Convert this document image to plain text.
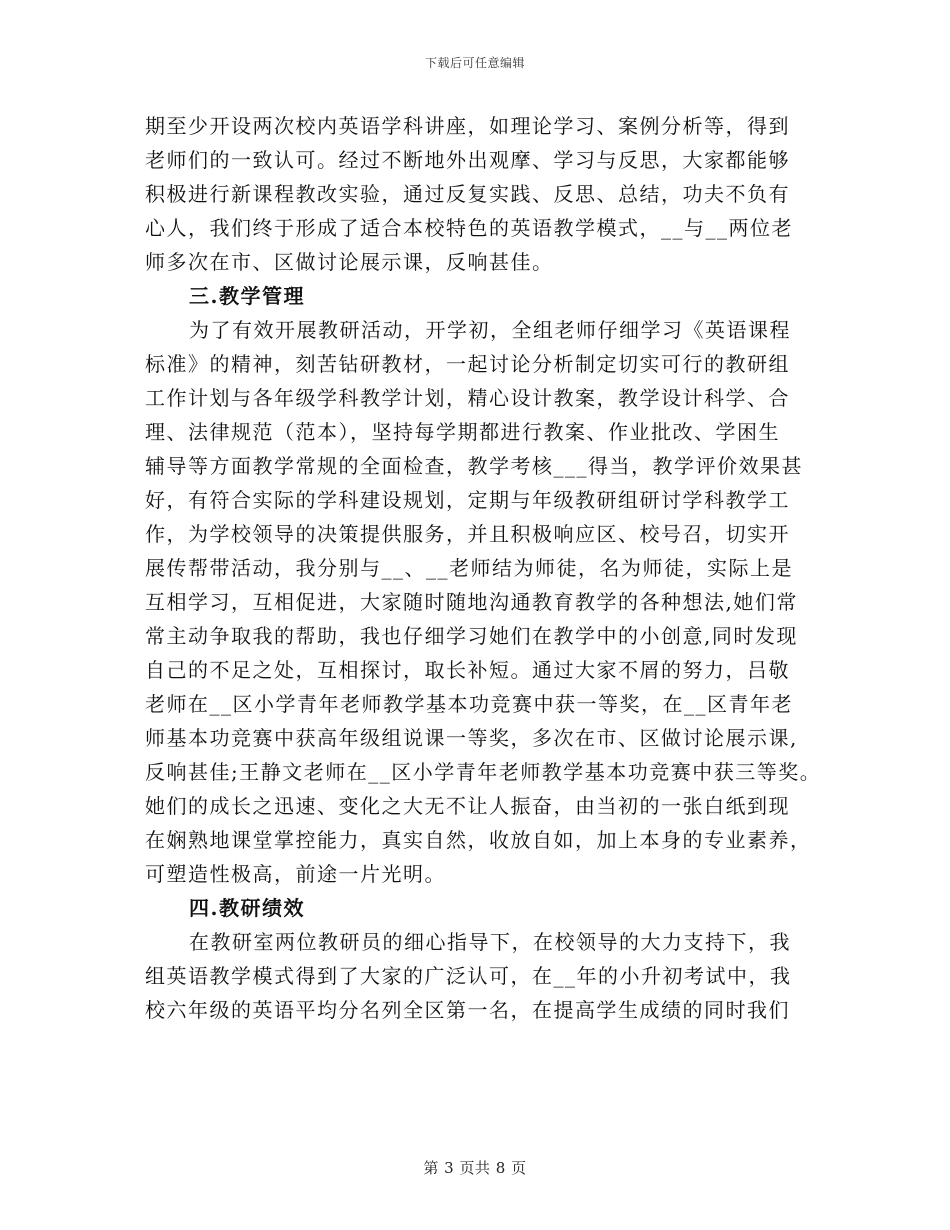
下载后可任意编辑
期至少开设两次校内英语学科讲座，如理论学习、案例分析等，得到
老师们的一致认可。经过不断地外出观摩、学习与反思，大家都能够
积极进行新课程教改实验，通过反复实践、反思、总结，功夫不负有
心人，我们终于形成了适合本校特色的英语教学模式，__与__两位老
师多次在市、区做讨论展示课，反响甚佳。
三.教学管理
为了有效开展教研活动，开学初，全组老师仔细学习《英语课程
标准》的精神，刻苦钻研教材，一起讨论分析制定切实可行的教研组
工作计划与各年级学科教学计划，精心设计教案，教学设计科学、合
理、法律规范（范本），坚持每学期都进行教案、作业批改、学困生
辅导等方面教学常规的全面检查，教学考核___得当，教学评价效果甚
好，有符合实际的学科建设规划，定期与年级教研组研讨学科教学工
作，为学校领导的决策提供服务，并且积极响应区、校号召，切实开
展传帮带活动，我分别与__、__老师结为师徒，名为师徒，实际上是
互相学习，互相促进，大家随时随地沟通教育教学的各种想法,她们常
常主动争取我的帮助，我也仔细学习她们在教学中的小创意,同时发现
自己的不足之处，互相探讨，取长补短。通过大家不屑的努力，吕敬
老师在__区小学青年老师教学基本功竞赛中获一等奖，在__区青年老
师基本功竞赛中获高年级组说课一等奖，多次在市、区做讨论展示课,
反响甚佳;王静文老师在__区小学青年老师教学基本功竞赛中获三等奖。
她们的成长之迅速、变化之大无不让人振奋，由当初的一张白纸到现
在娴熟地课堂掌控能力，真实自然，收放自如，加上本身的专业素养，
可塑造性极高，前途一片光明。
四.教研绩效
在教研室两位教研员的细心指导下，在校领导的大力支持下，我
组英语教学模式得到了大家的广泛认可，在__年的小升初考试中，我
校六年级的英语平均分名列全区第一名，在提高学生成绩的同时我们
第 3 页共 8 页
